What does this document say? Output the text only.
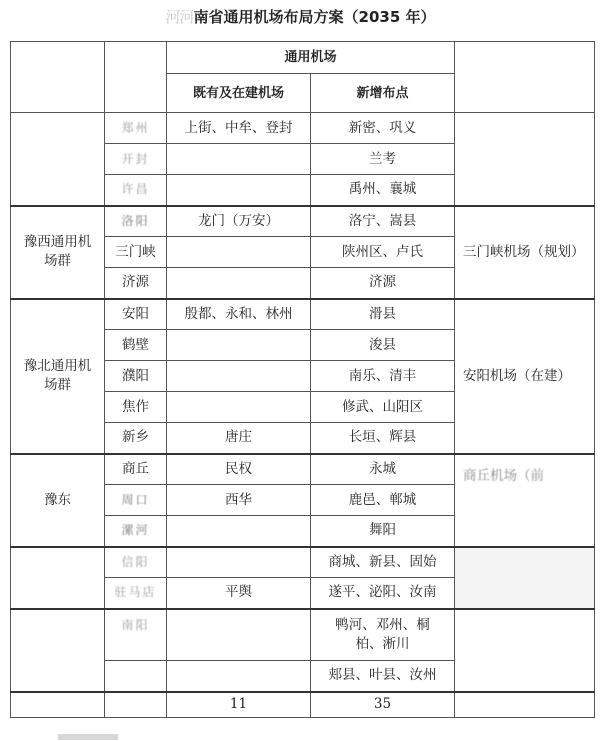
河河南省通用机场布局方案（2035 年）
		通用机场		
		既有及在建机场	新增布点	
	郑州	上街、中牟、登封	新密、巩义	
	开封		兰考	
	许昌		禹州、襄城	
豫西通用机场群	洛阳	龙门（万安）	洛宁、嵩县	三门峡机场（规划）
	三门峡		陕州区、卢氏	
	济源		济源	
豫北通用机场群	安阳	殷都、永和、林州	滑县	安阳机场（在建）
	鹤壁		浚县	
	濮阳		南乐、清丰	
	焦作		修武、山阳区	
	新乡	唐庄	长垣、辉县	
豫东	商丘	民权	永城	商丘机场（前
	周口	西华	鹿邑、郸城	
	漯河		舞阳	
	信阳		商城、新县、固始	
	驻马店	平舆	遂平、泌阳、汝南	
	南阳		鸭河、邓州、桐柏、淅川	
			郏县、叶县、汝州	
		11	35	
